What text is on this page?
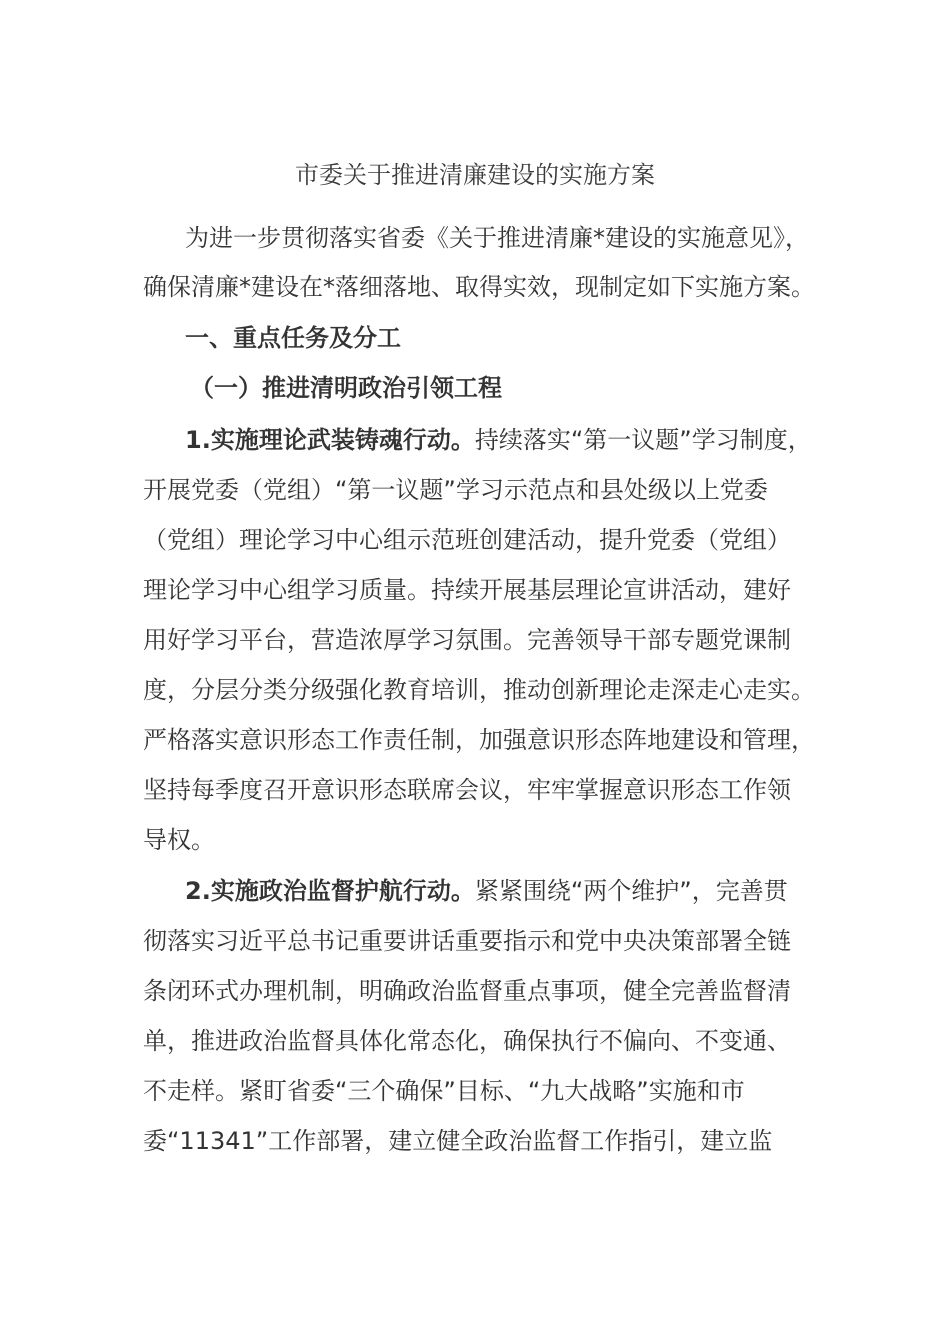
市委关于推进清廉建设的实施方案
为进一步贯彻落实省委《关于推进清廉*建设的实施意见》，
确保清廉*建设在*落细落地、取得实效，现制定如下实施方案。
一、重点任务及分工
（一）推进清明政治引领工程
1.实施理论武装铸魂行动。持续落实“第一议题”学习制度，
开展党委（党组）“第一议题”学习示范点和县处级以上党委
（党组）理论学习中心组示范班创建活动，提升党委（党组）
理论学习中心组学习质量。持续开展基层理论宣讲活动，建好
用好学习平台，营造浓厚学习氛围。完善领导干部专题党课制
度，分层分类分级强化教育培训，推动创新理论走深走心走实。
严格落实意识形态工作责任制，加强意识形态阵地建设和管理，
坚持每季度召开意识形态联席会议，牢牢掌握意识形态工作领
导权。
2.实施政治监督护航行动。紧紧围绕“两个维护”，完善贯
彻落实习近平总书记重要讲话重要指示和党中央决策部署全链
条闭环式办理机制，明确政治监督重点事项，健全完善监督清
单，推进政治监督具体化常态化，确保执行不偏向、不变通、
不走样。紧盯省委“三个确保”目标、“九大战略”实施和市
委“11341”工作部署，建立健全政治监督工作指引，建立监
